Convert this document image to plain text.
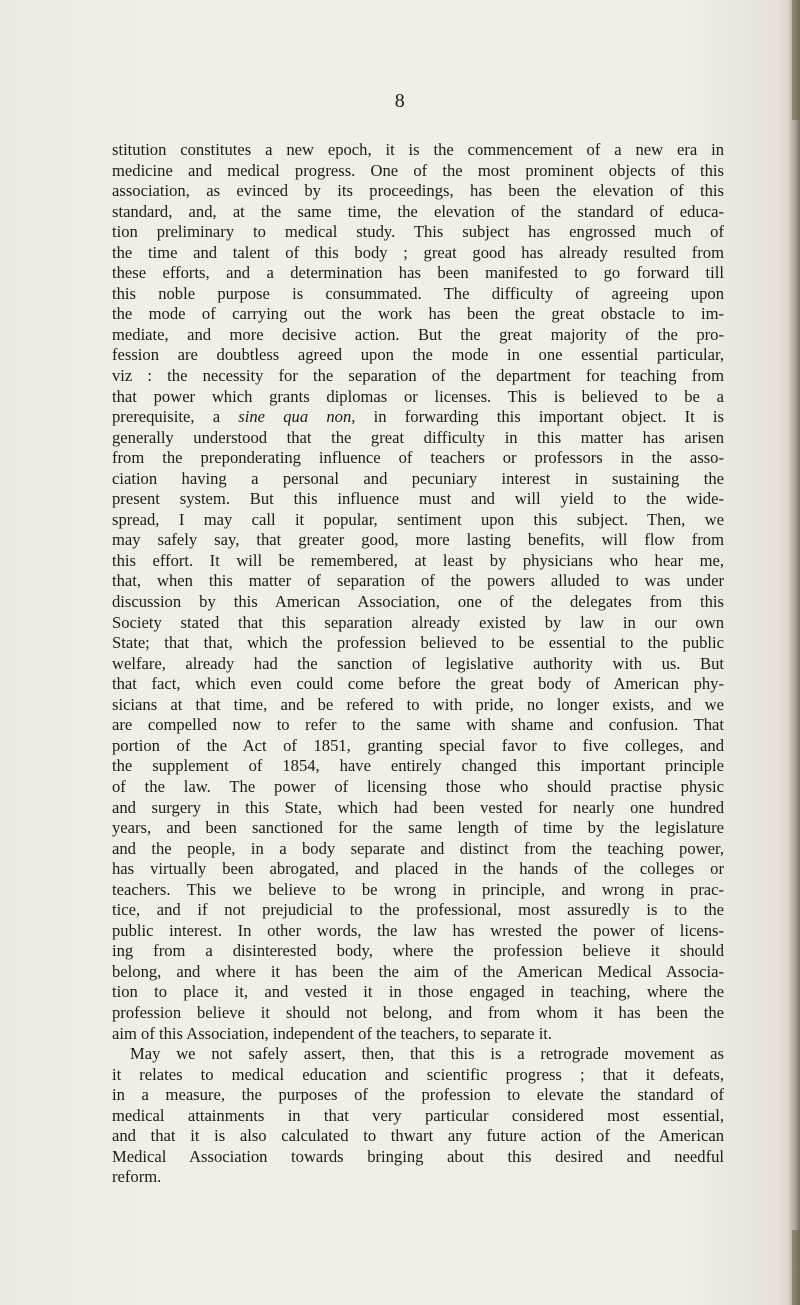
8
stitution constitutes a new epoch, it is the commencement of a new era in
medicine and medical progress. One of the most prominent objects of this
association, as evinced by its proceedings, has been the elevation of this
standard, and, at the same time, the elevation of the standard of educa-
tion preliminary to medical study. This subject has engrossed much of
the time and talent of this body ; great good has already resulted from
these efforts, and a determination has been manifested to go forward till
this noble purpose is consummated. The difficulty of agreeing upon
the mode of carrying out the work has been the great obstacle to im-
mediate, and more decisive action. But the great majority of the pro-
fession are doubtless agreed upon the mode in one essential particular,
viz : the necessity for the separation of the department for teaching from
that power which grants diplomas or licenses. This is believed to be a
prerequisite, a sine qua non, in forwarding this important object. It is
generally understood that the great difficulty in this matter has arisen
from the preponderating influence of teachers or professors in the asso-
ciation having a personal and pecuniary interest in sustaining the
present system. But this influence must and will yield to the wide-
spread, I may call it popular, sentiment upon this subject. Then, we
may safely say, that greater good, more lasting benefits, will flow from
this effort. It will be remembered, at least by physicians who hear me,
that, when this matter of separation of the powers alluded to was under
discussion by this American Association, one of the delegates from this
Society stated that this separation already existed by law in our own
State; that that, which the profession believed to be essential to the public
welfare, already had the sanction of legislative authority with us. But
that fact, which even could come before the great body of American phy-
sicians at that time, and be refered to with pride, no longer exists, and we
are compelled now to refer to the same with shame and confusion. That
portion of the Act of 1851, granting special favor to five colleges, and
the supplement of 1854, have entirely changed this important principle
of the law. The power of licensing those who should practise physic
and surgery in this State, which had been vested for nearly one hundred
years, and been sanctioned for the same length of time by the legislature
and the people, in a body separate and distinct from the teaching power,
has virtually been abrogated, and placed in the hands of the colleges or
teachers. This we believe to be wrong in principle, and wrong in prac-
tice, and if not prejudicial to the professional, most assuredly is to the
public interest. In other words, the law has wrested the power of licens-
ing from a disinterested body, where the profession believe it should
belong, and where it has been the aim of the American Medical Associa-
tion to place it, and vested it in those engaged in teaching, where the
profession believe it should not belong, and from whom it has been the
aim of this Association, independent of the teachers, to separate it.
May we not safely assert, then, that this is a retrograde movement as
it relates to medical education and scientific progress ; that it defeats,
in a measure, the purposes of the profession to elevate the standard of
medical attainments in that very particular considered most essential,
and that it is also calculated to thwart any future action of the American
Medical Association towards bringing about this desired and needful
reform.
